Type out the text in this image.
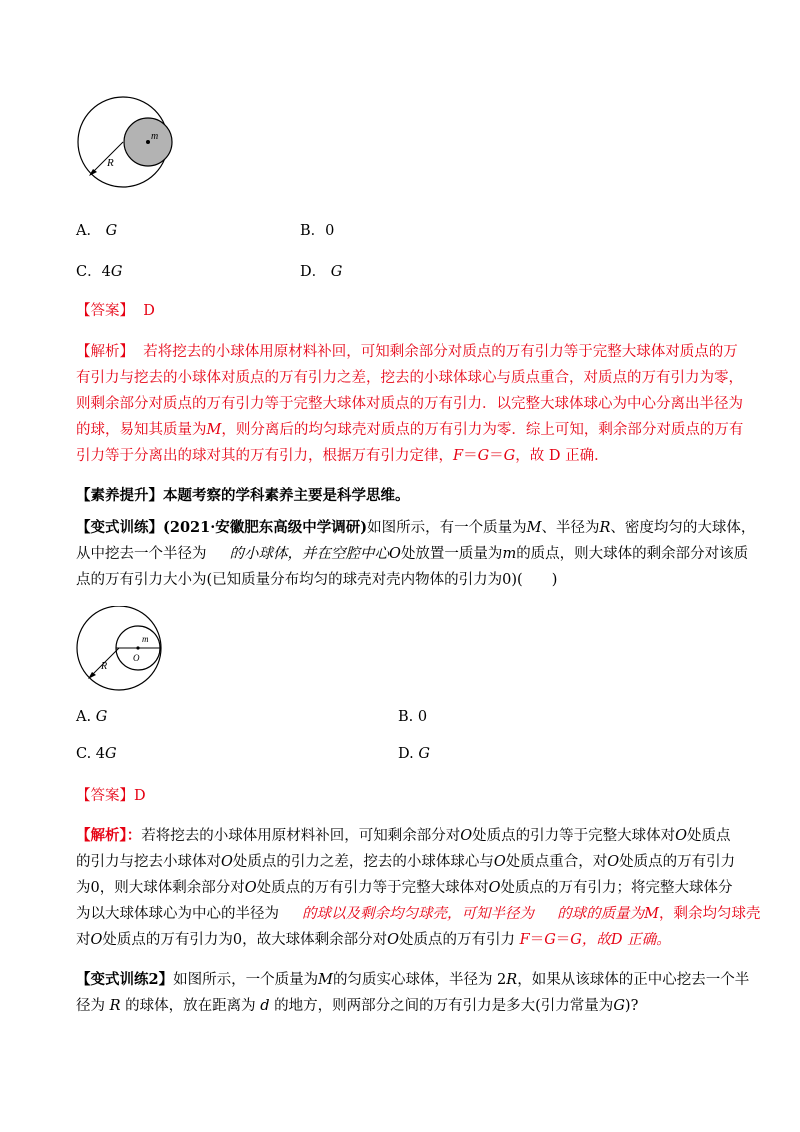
R
m
A． G	B．0
C．4G	D． G
【答案】 D
【解析】 若将挖去的小球体用原材料补回，可知剩余部分对质点的万有引力等于完整大球体对质点的万
有引力与挖去的小球体对质点的万有引力之差，挖去的小球体球心与质点重合，对质点的万有引力为零，
则剩余部分对质点的万有引力等于完整大球体对质点的万有引力．以完整大球体球心为中心分离出半径为
的球，易知其质量为M，则分离后的均匀球壳对质点的万有引力为零．综上可知，剩余部分对质点的万有
引力等于分离出的球对其的万有引力，根据万有引力定律，F＝G＝G，故 D 正确．
【素养提升】本题考察的学科素养主要是科学思维。
【变式训练】(2021·安徽肥东高级中学调研)如图所示，有一个质量为M、半径为R、密度均匀的大球体，
从中挖去一个半径为 的小球体，并在空腔中心O处放置一质量为m的质点，则大球体的剩余部分对该质
点的万有引力大小为(已知质量分布均匀的球壳对壳内物体的引力为0)(　　)
R
m
O
A. G	B. 0
C. 4G	D. G
【答案】D
【解析】：若将挖去的小球体用原材料补回，可知剩余部分对O处质点的引力等于完整大球体对O处质点
的引力与挖去小球体对O处质点的引力之差，挖去的小球体球心与O处质点重合，对O处质点的万有引力
为0，则大球体剩余部分对O处质点的万有引力等于完整大球体对O处质点的万有引力；将完整大球体分
为以大球体球心为中心的半径为 的球以及剩余均匀球壳，可知半径为 的球的质量为M，剩余均匀球壳
对O处质点的万有引力为0，故大球体剩余部分对O处质点的万有引力 F＝G＝G，故D 正确。
【变式训练2】如图所示，一个质量为M的匀质实心球体，半径为 2R，如果从该球体的正中心挖去一个半
径为 R 的球体，放在距离为 d 的地方，则两部分之间的万有引力是多大(引力常量为G)?
